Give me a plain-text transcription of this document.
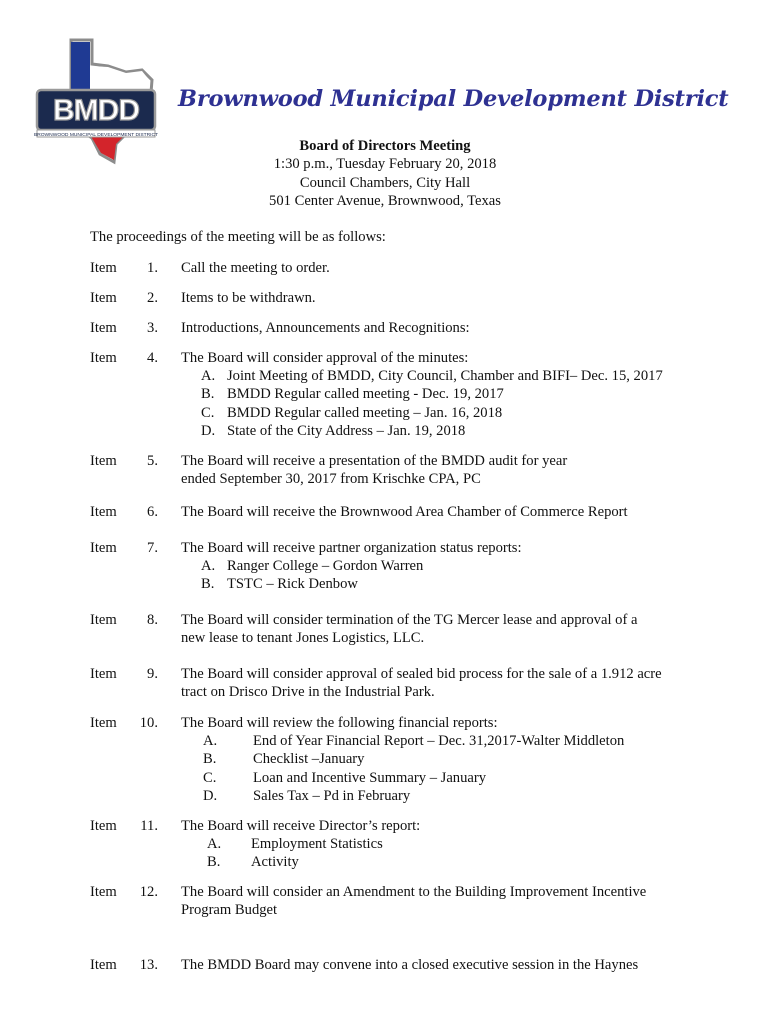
BMDD
BROWNWOOD MUNICIPAL DEVELOPMENT DISTRICT
Brownwood Municipal Development District
Board of Directors Meeting
1:30 p.m., Tuesday February 20, 2018
Council Chambers, City Hall
501 Center Avenue, Brownwood, Texas

The proceedings of the meeting will be as follows:

Item	1. Call the meeting to order.
Item	2. Items to be withdrawn.
Item	3. Introductions, Announcements and Recognitions:
Item	4. The Board will consider approval of the minutes:
A. Joint Meeting of BMDD, City Council, Chamber and BIFI– Dec. 15, 2017
B. BMDD Regular called meeting - Dec. 19, 2017
C. BMDD Regular called meeting – Jan. 16, 2018
D. State of the City Address – Jan. 19, 2018
Item	5. The Board will receive a presentation of the BMDD audit for year
ended September 30, 2017 from Krischke CPA, PC
Item	6. The Board will receive the Brownwood Area Chamber of Commerce Report
Item	7. The Board will receive partner organization status reports:
A. Ranger College – Gordon Warren
B. TSTC – Rick Denbow
Item	8. The Board will consider termination of the TG Mercer lease and approval of a
new lease to tenant Jones Logistics, LLC.
Item	9. The Board will consider approval of sealed bid process for the sale of a 1.912 acre
tract on Drisco Drive in the Industrial Park.
Item	10. The Board will review the following financial reports:
A. End of Year Financial Report – Dec. 31,2017-Walter Middleton
B.	Checklist –January
C.	Loan and Incentive Summary – January
D. Sales Tax – Pd in February
Item	11. The Board will receive Director’s report:
A. Employment Statistics
B. Activity
Item	12. The Board will consider an Amendment to the Building Improvement Incentive
Program Budget
Item	13. The BMDD Board may convene into a closed executive session in the Haynes
